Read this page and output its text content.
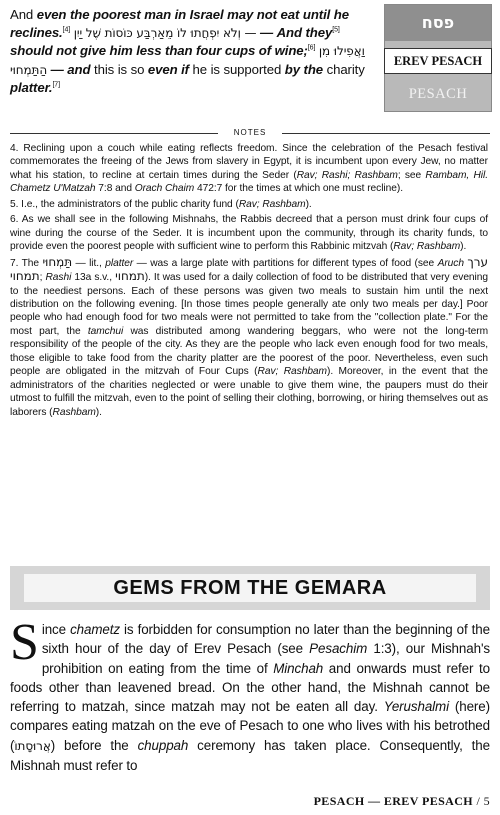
And even the poorest man in Israel may not eat until he reclines.[4] — וְלֹא יִפְחֲתוּ לוֹ מֵאַרְבַּע כּוֹסוֹת שֶׁל יַיִן — And they[5] should not give him less than four cups of wine;[6] וַאֲפִילוּ מִן הַתַּמְחוּי — and this is so even if he is supported by the charity platter.[7]

פסח
EREV PESACH
PESACH
NOTES

4. Reclining upon a couch while eating reflects freedom. Since the celebration of the Pesach festival commemorates the freeing of the Jews from slavery in Egypt, it is incumbent upon every Jew, no matter what his station, to recline at certain times during the Seder (Rav; Rashi; Rashbam; see Rambam, Hil. Chametz U'Matzah 7:8 and Orach Chaim 472:7 for the times at which one must recline).

5. I.e., the administrators of the public charity fund (Rav; Rashbam).

6. As we shall see in the following Mishnahs, the Rabbis decreed that a person must drink four cups of wine during the course of the Seder. It is incumbent upon the community, through its charity funds, to provide even the poorest people with sufficient wine to perform this Rabbinic mitzvah (Rav; Rashbam).

7. The תַּמְחוּי — lit., platter — was a large plate with partitions for different types of food (see Aruch ערך תמחוי; Rashi 13a s.v., תמחוי). It was used for a daily collection of food to be distributed that very evening to the neediest persons. Each of these persons was given two meals to sustain him until the next distribution on the following evening. [In those times people generally ate only two meals per day.] Poor people who had enough food for two meals were not permitted to take from the "collection plate." For the most part, the tamchui was distributed among wandering beggars, who were not the long-term responsibility of the people of the city. As they are the people who lack even enough food for two meals, those eligible to take food from the charity platter are the poorest of the poor. Nevertheless, even such people are obligated in the mitzvah of Four Cups (Rav; Rashbam). Moreover, in the event that the administrators of the charities neglected or were unable to give them wine, the paupers must do their utmost to fulfill the mitzvah, even to the point of selling their clothing, borrowing, or hiring themselves out as laborers (Rashbam).

GEMS FROM THE GEMARA

Since chametz is forbidden for consumption no later than the beginning of the sixth hour of the day of Erev Pesach (see Pesachim 1:3), our Mishnah's prohibition on eating from the time of Minchah and onwards must refer to foods other than leavened bread. On the other hand, the Mishnah cannot be referring to matzah, since matzah may not be eaten all day. Yerushalmi (here) compares eating matzah on the eve of Pesach to one who lives with his betrothed (אֲרוּסָתוֹ) before the chuppah ceremony has taken place. Consequently, the Mishnah must refer to

PESACH — EREV PESACH / 5
